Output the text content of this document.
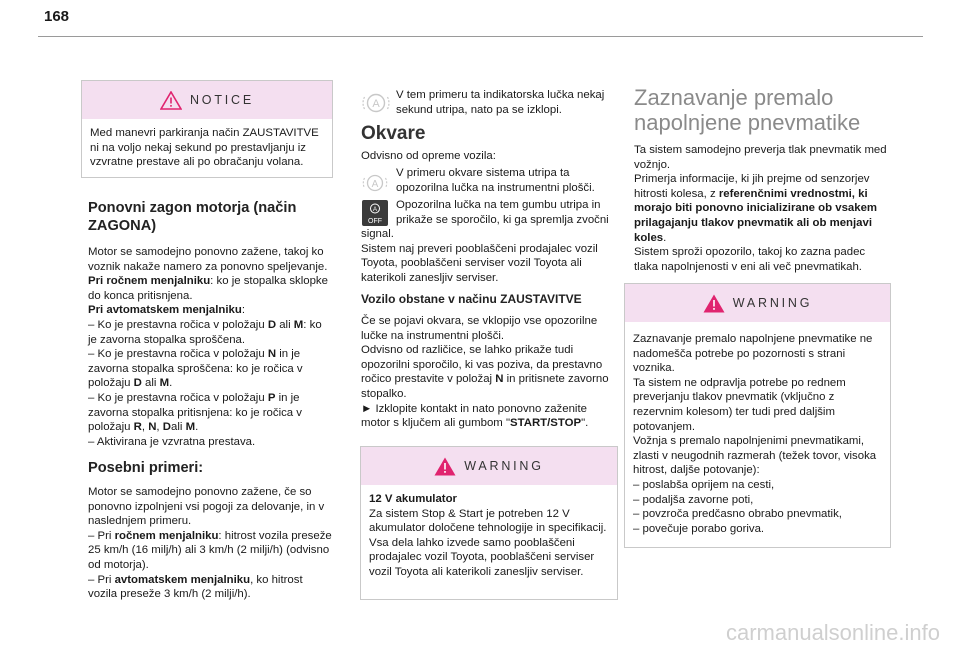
168
NOTICE

Med manevri parkiranja način ZAUSTAVITVE ni na voljo nekaj sekund po prestavljanju iz vzvratne prestave ali po obračanju volana.

Ponovni zagon motorja (način ZAGONA)

Motor se samodejno ponovno zažene, takoj ko voznik nakaže namero za ponovno speljevanje.

Pri ročnem menjalniku: ko je stopalka sklopke do konca pritisnjena.

Pri avtomatskem menjalniku:

– Ko je prestavna ročica v položaju D ali M: ko je zavorna stopalka sproščena.

– Ko je prestavna ročica v položaju N in je zavorna stopalka sproščena: ko je ročica v položaju D ali M.

– Ko je prestavna ročica v položaju P in je zavorna stopalka pritisnjena: ko je ročica v položaju R, N, Dali M.

– Aktivirana je vzvratna prestava.

Posebni primeri:

Motor se samodejno ponovno zažene, če so ponovno izpolnjeni vsi pogoji za delovanje, in v naslednjem primeru.

– Pri ročnem menjalniku: hitrost vozila preseže 25 km/h (16 milj/h) ali 3 km/h (2 milji/h) (odvisno od motorja).

– Pri avtomatskem menjalniku, ko hitrost vozila preseže 3 km/h (2 milji/h).

A

V tem primeru ta indikatorska lučka nekaj sekund utripa, nato pa se izklopi.

Okvare

Odvisno od opreme vozila:

A

V primeru okvare sistema utripa ta opozorilna lučka na instrumentni plošči.

A
OFF

Opozorilna lučka na tem gumbu utripa in prikaže se sporočilo, ki ga spremlja zvočni

signal.

Sistem naj preveri pooblaščeni prodajalec vozil Toyota, pooblaščeni serviser vozil Toyota ali katerikoli zanesljiv serviser.

Vozilo obstane v načinu ZAUSTAVITVE

Če se pojavi okvara, se vklopijo vse opozorilne lučke na instrumentni plošči.

Odvisno od različice, se lahko prikaže tudi opozorilni sporočilo, ki vas poziva, da prestavno ročico prestavite v položaj N in pritisnete zavorno stopalko.

► Izklopite kontakt in nato ponovno zaženite motor s ključem ali gumbom "START/STOP".

WARNING

12 V akumulator

Za sistem Stop & Start je potreben 12 V akumulator določene tehnologije in specifikacij.

Vsa dela lahko izvede samo pooblaščeni prodajalec vozil Toyota, pooblaščeni serviser vozil Toyota ali katerikoli zanesljiv serviser.

Zaznavanje premalo napolnjene pnevmatike

Ta sistem samodejno preverja tlak pnevmatik med vožnjo.

Primerja informacije, ki jih prejme od senzorjev hitrosti kolesa, z referenčnimi vrednostmi, ki morajo biti ponovno inicializirane ob vsakem prilagajanju tlakov pnevmatik ali ob menjavi koles.

Sistem sproži opozorilo, takoj ko zazna padec tlaka napolnjenosti v eni ali več pnevmatikah.

WARNING

Zaznavanje premalo napolnjene pnevmatike ne nadomešča potrebe po pozornosti s strani voznika.

Ta sistem ne odpravlja potrebe po rednem preverjanju tlakov pnevmatik (vključno z rezervnim kolesom) ter tudi pred daljšim potovanjem.

Vožnja s premalo napolnjenimi pnevmatikami, zlasti v neugodnih razmerah (težek tovor, visoka hitrost, dalјše potovanje):

– poslabša oprijem na cesti,

– podaljša zavorne poti,

– povzroča predčasno obrabo pnevmatik,

– povečuje porabo goriva.

carmanualsonline.info
